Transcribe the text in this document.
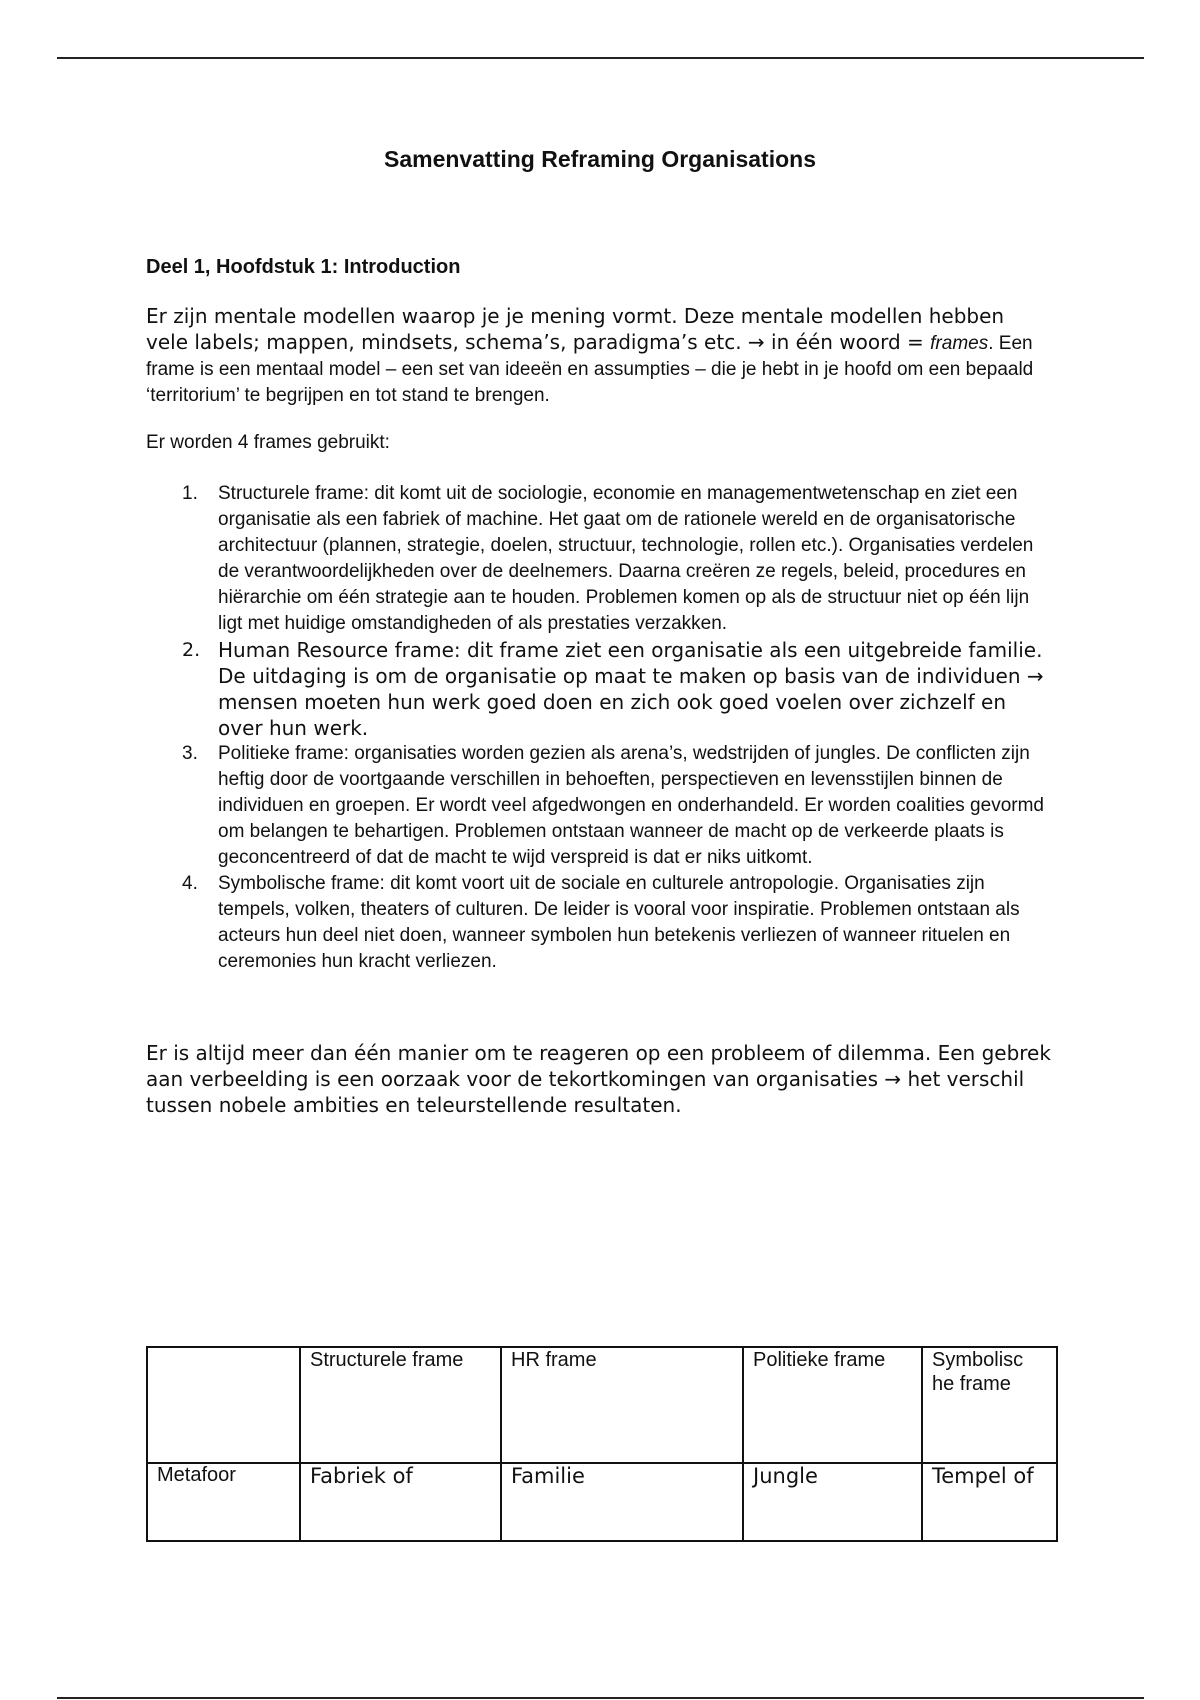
Samenvatting Reframing Organisations
Deel 1, Hoofdstuk 1: Introduction

Er zijn mentale modellen waarop je je mening vormt. Deze mentale modellen hebben vele labels; mappen, mindsets, schema’s, paradigma’s etc. → in één woord = frames. Een frame is een mentaal model – een set van ideeën en assumpties – die je hebt in je hoofd om een bepaald ‘territorium’ te begrijpen en tot stand te brengen.

Er worden 4 frames gebruikt:
1. Structurele frame: dit komt uit de sociologie, economie en managementwetenschap en ziet een organisatie als een fabriek of machine. Het gaat om de rationele wereld en de organisatorische architectuur (plannen, strategie, doelen, structuur, technologie, rollen etc.). Organisaties verdelen de verantwoordelijkheden over de deelnemers. Daarna creëren ze regels, beleid, procedures en hiërarchie om één strategie aan te houden. Problemen komen op als de structuur niet op één lijn ligt met huidige omstandigheden of als prestaties verzakken.
2. Human Resource frame: dit frame ziet een organisatie als een uitgebreide familie. De uitdaging is om de organisatie op maat te maken op basis van de individuen → mensen moeten hun werk goed doen en zich ook goed voelen over zichzelf en over hun werk.
3. Politieke frame: organisaties worden gezien als arena’s, wedstrijden of jungles. De conflicten zijn heftig door de voortgaande verschillen in behoeften, perspectieven en levensstijlen binnen de individuen en groepen. Er wordt veel afgedwongen en onderhandeld. Er worden coalities gevormd om belangen te behartigen. Problemen ontstaan wanneer de macht op de verkeerde plaats is geconcentreerd of dat de macht te wijd verspreid is dat er niks uitkomt.
4. Symbolische frame: dit komt voort uit de sociale en culturele antropologie. Organisaties zijn tempels, volken, theaters of culturen. De leider is vooral voor inspiratie. Problemen ontstaan als acteurs hun deel niet doen, wanneer symbolen hun betekenis verliezen of wanneer rituelen en ceremonies hun kracht verliezen.
Er is altijd meer dan één manier om te reageren op een probleem of dilemma. Een gebrek aan verbeelding is een oorzaak voor de tekortkomingen van organisaties → het verschil tussen nobele ambities en teleurstellende resultaten.
	Structurele frame	HR frame	Politieke frame	Symbolisc he frame
Metafoor	Fabriek of	Familie	Jungle	Tempel of
